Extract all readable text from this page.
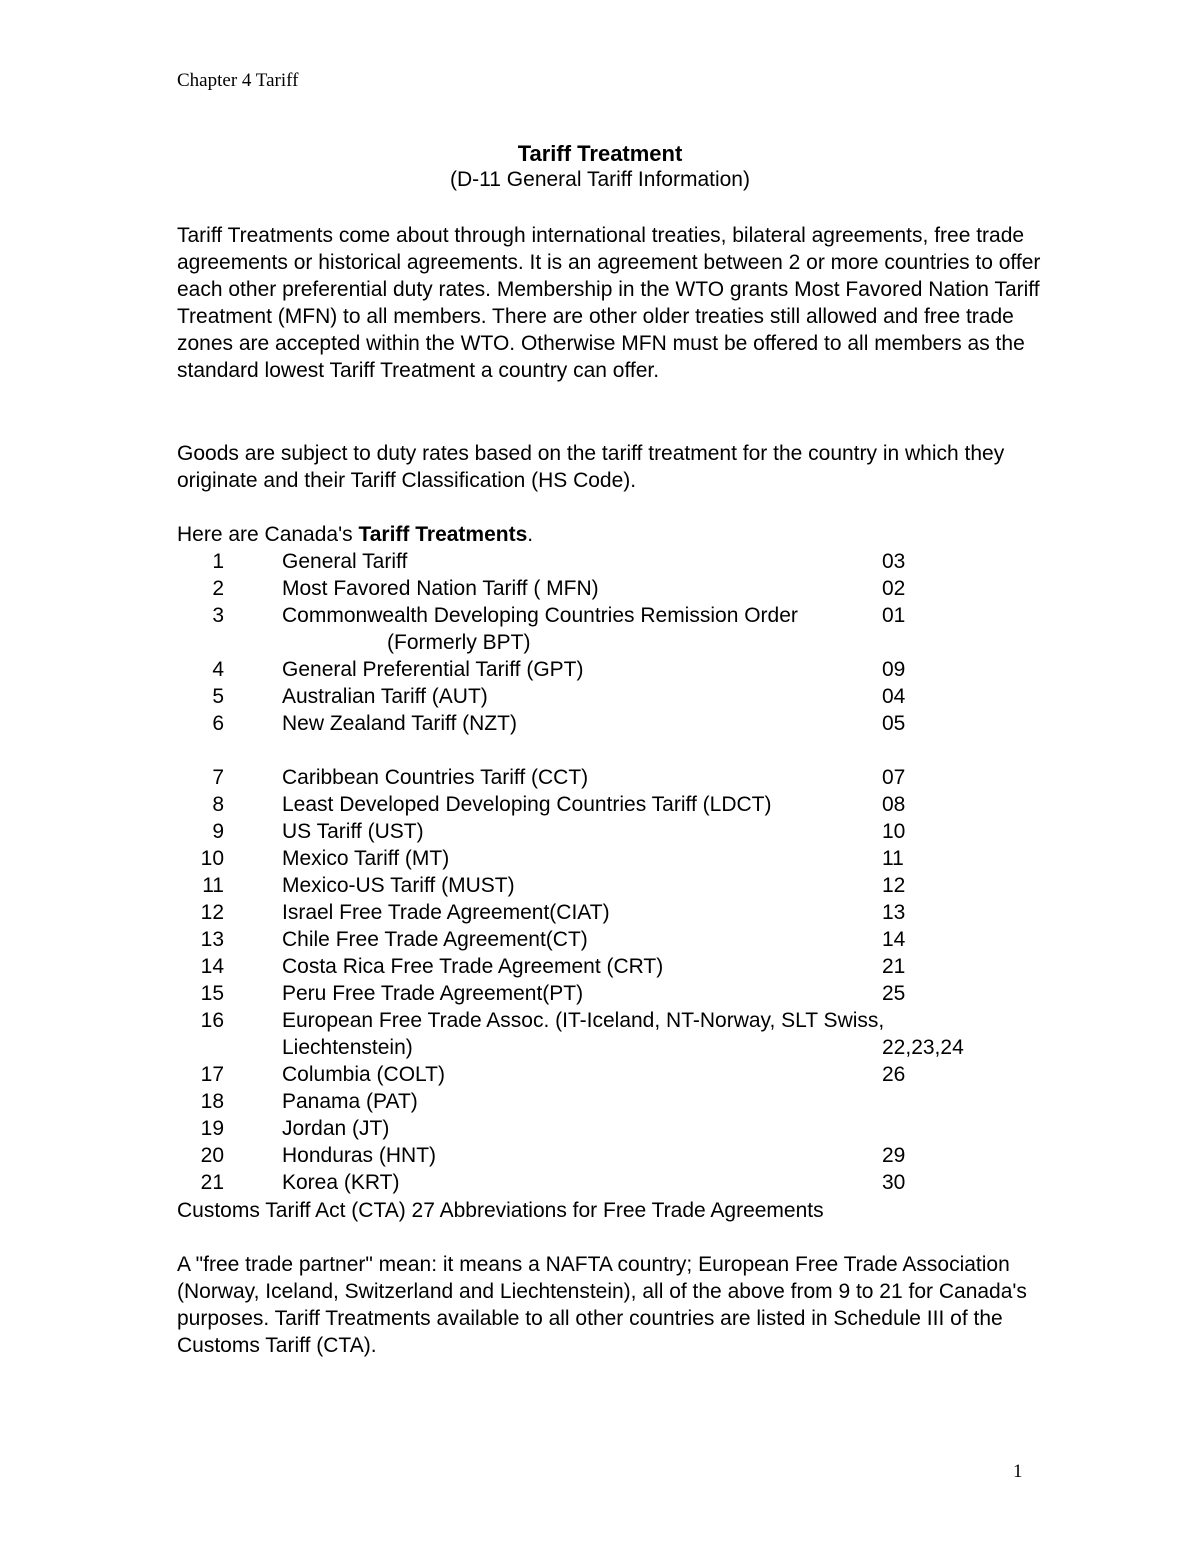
Chapter 4 Tariff
Tariff Treatment
(D-11 General Tariff Information)

Tariff Treatments come about through international treaties, bilateral agreements, free trade agreements or historical agreements. It is an agreement between 2 or more countries to offer each other preferential duty rates. Membership in the WTO grants Most Favored Nation Tariff Treatment (MFN) to all members. There are other older treaties still allowed and free trade zones are accepted within the WTO. Otherwise MFN must be offered to all members as the standard lowest Tariff Treatment a country can offer.

Goods are subject to duty rates based on the tariff treatment for the country in which they originate and their Tariff Classification (HS Code).

Here are Canada's Tariff Treatments.

1	General Tariff	03
2	Most Favored Nation Tariff ( MFN)	02
3	Commonwealth Developing Countries Remission Order	01
(Formerly BPT)
4	General Preferential Tariff (GPT)	09
5	Australian Tariff (AUT)	04
6	New Zealand Tariff (NZT)	05
7	Caribbean Countries Tariff (CCT)	07
8	Least Developed Developing Countries Tariff (LDCT)	08
9	US Tariff (UST)	10
10	Mexico Tariff (MT)	11
11	Mexico-US Tariff (MUST)	12
12	Israel Free Trade Agreement(CIAT)	13
13	Chile Free Trade Agreement(CT)	14
14	Costa Rica Free Trade Agreement (CRT)	21
15	Peru Free Trade Agreement(PT)	25
16	European Free Trade Assoc. (IT-Iceland, NT-Norway, SLT Swiss,
Liechtenstein)	22,23,24
17	Columbia (COLT)	26
18	Panama (PAT)
19	Jordan (JT)
20	Honduras (HNT)	29
21	Korea (KRT)	30
Customs Tariff Act (CTA) 27 Abbreviations for Free Trade Agreements

A "free trade partner" mean: it means a NAFTA country; European Free Trade Association (Norway, Iceland, Switzerland and Liechtenstein), all of the above from 9 to 21 for Canada's purposes. Tariff Treatments available to all other countries are listed in Schedule III of the Customs Tariff (CTA).

1
